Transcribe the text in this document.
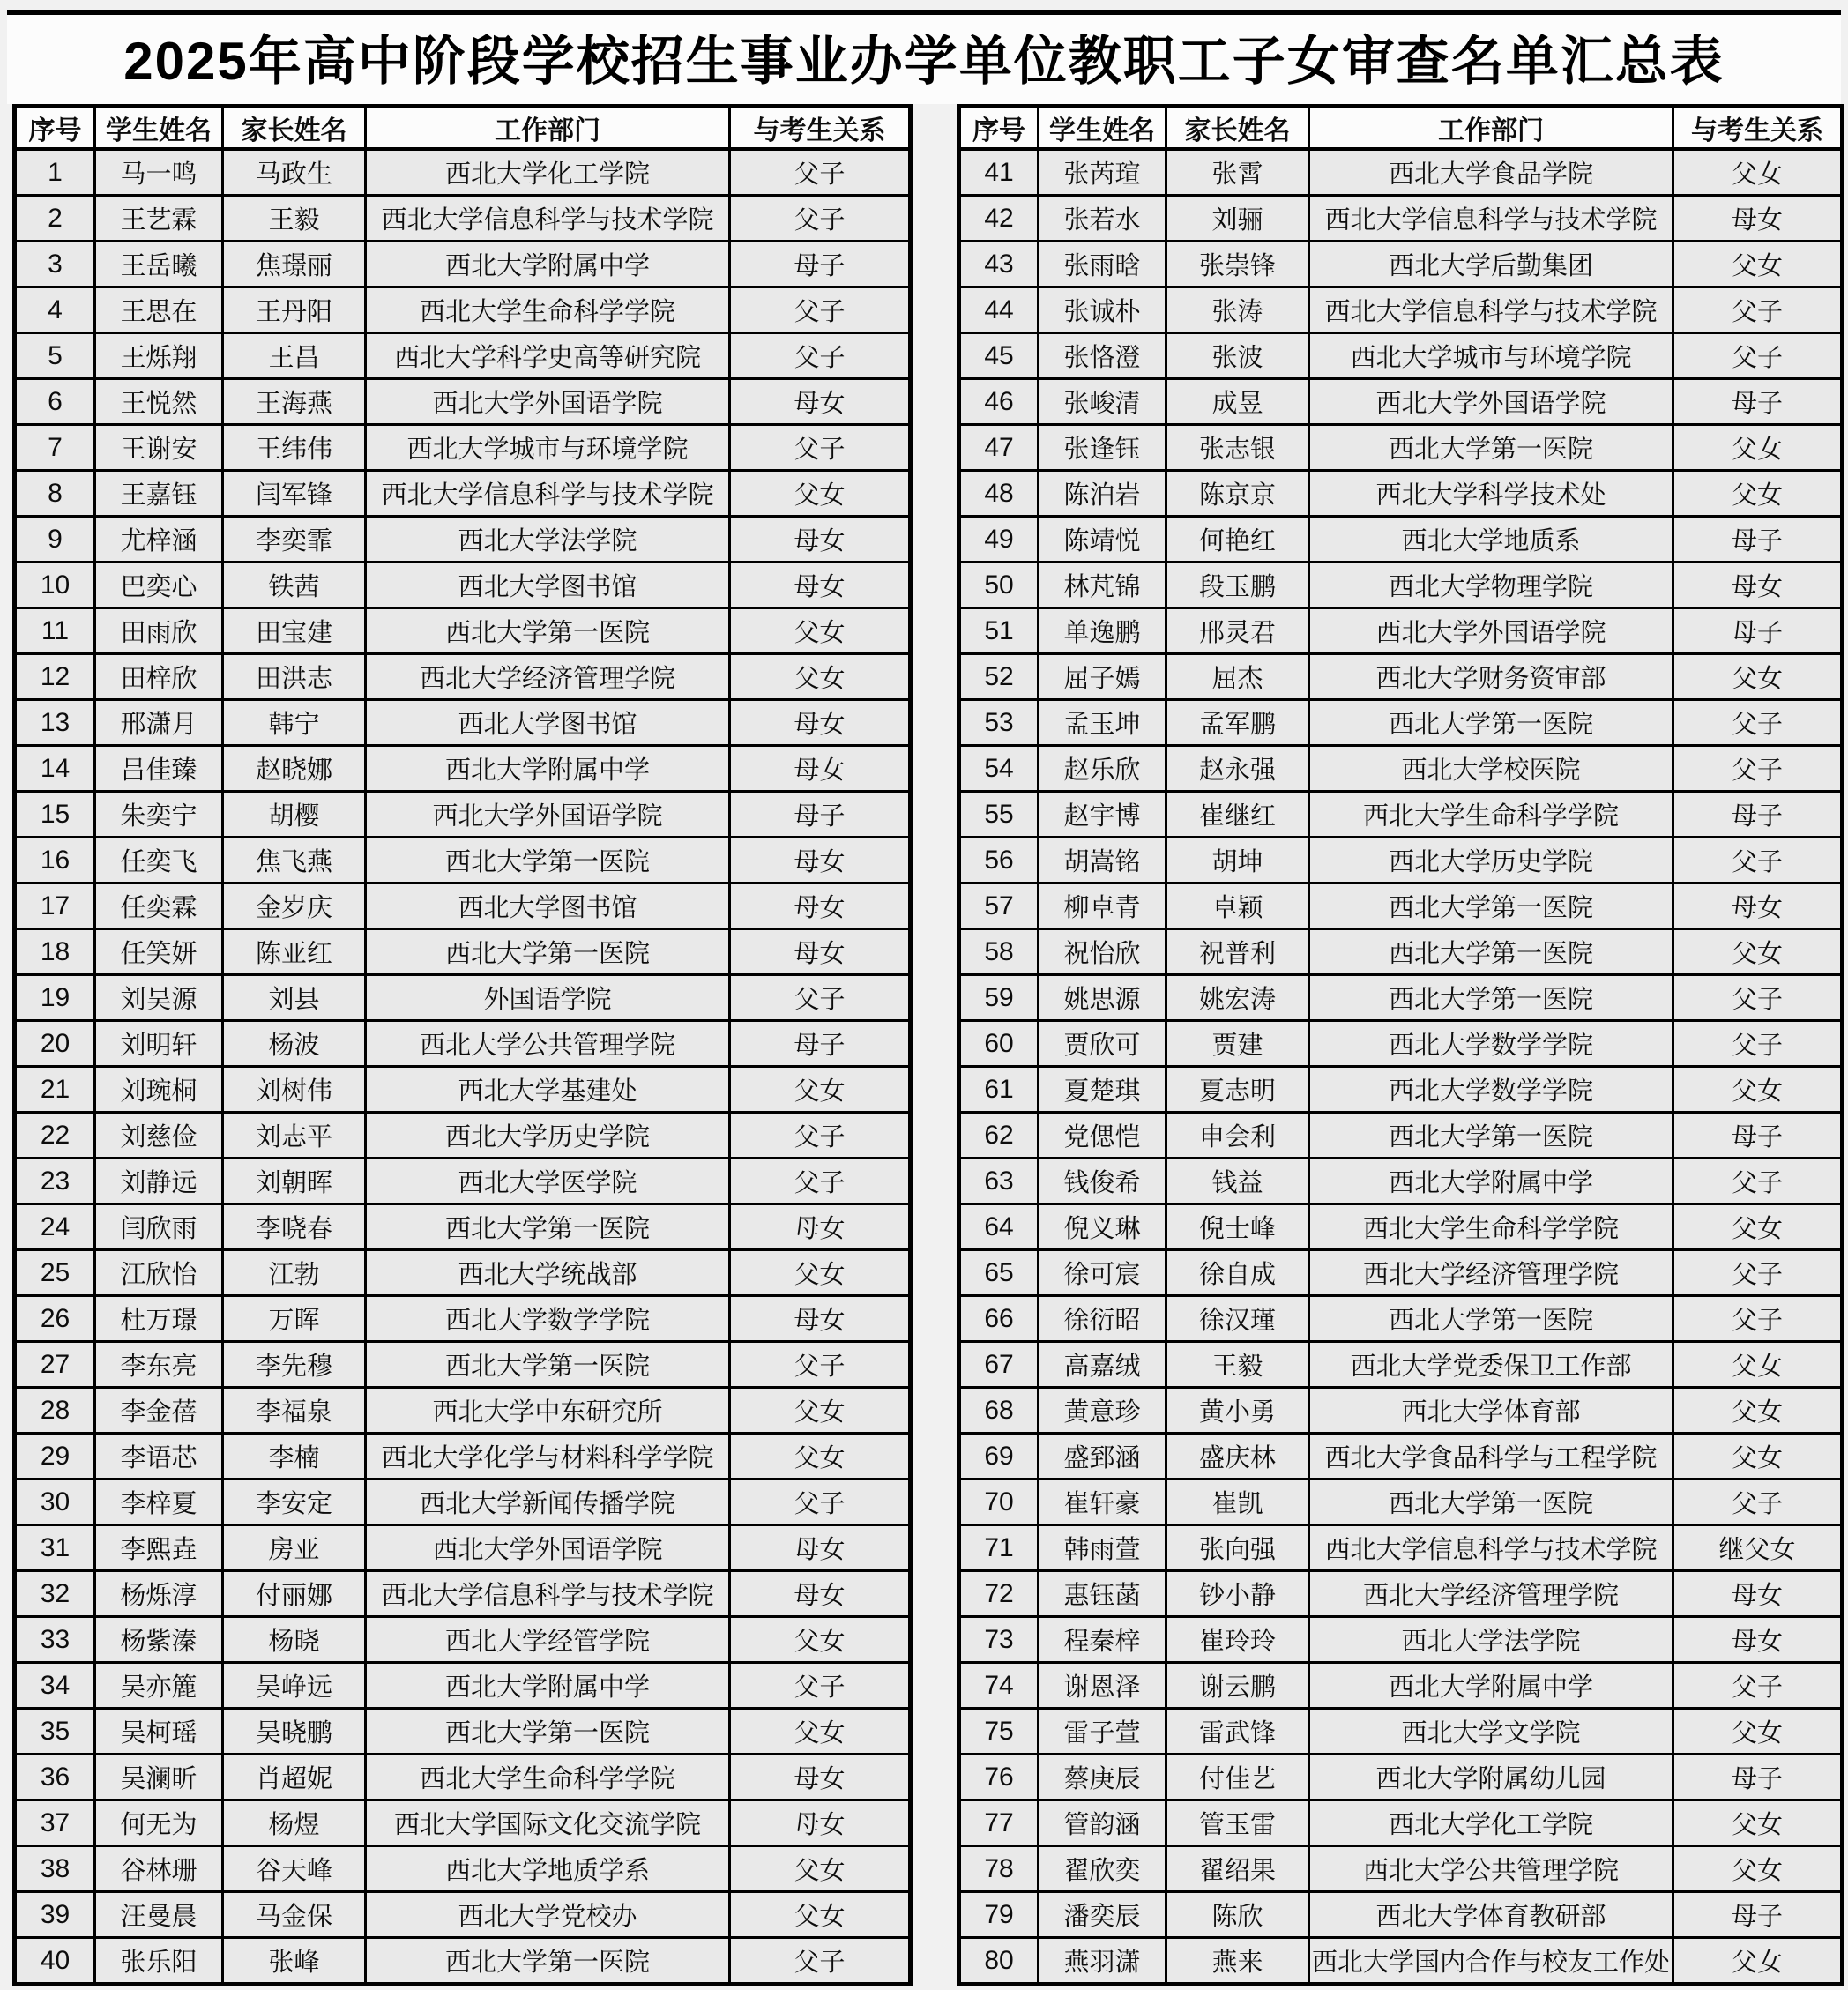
2025年高中阶段学校招生事业办学单位教职工子女审查名单汇总表
序号	学生姓名	家长姓名	工作部门	与考生关系
1	马一鸣	马政生	西北大学化工学院	父子
2	王艺霖	王毅	西北大学信息科学与技术学院	父子
3	王岳曦	焦璟丽	西北大学附属中学	母子
4	王思在	王丹阳	西北大学生命科学学院	父子
5	王烁翔	王昌	西北大学科学史高等研究院	父子
6	王悦然	王海燕	西北大学外国语学院	母女
7	王谢安	王纬伟	西北大学城市与环境学院	父子
8	王嘉钰	闫军锋	西北大学信息科学与技术学院	父女
9	尤梓涵	李奕霏	西北大学法学院	母女
10	巴奕心	铁茜	西北大学图书馆	母女
11	田雨欣	田宝建	西北大学第一医院	父女
12	田梓欣	田洪志	西北大学经济管理学院	父女
13	邢潇月	韩宁	西北大学图书馆	母女
14	吕佳臻	赵晓娜	西北大学附属中学	母女
15	朱奕宁	胡樱	西北大学外国语学院	母子
16	任奕飞	焦飞燕	西北大学第一医院	母女
17	任奕霖	金岁庆	西北大学图书馆	母女
18	任笑妍	陈亚红	西北大学第一医院	母女
19	刘昊源	刘县	外国语学院	父子
20	刘明轩	杨波	西北大学公共管理学院	母子
21	刘琬桐	刘树伟	西北大学基建处	父女
22	刘慈俭	刘志平	西北大学历史学院	父子
23	刘静远	刘朝晖	西北大学医学院	父子
24	闫欣雨	李晓春	西北大学第一医院	母女
25	江欣怡	江勃	西北大学统战部	父女
26	杜万璟	万晖	西北大学数学学院	母女
27	李东亮	李先穆	西北大学第一医院	父子
28	李金蓓	李福泉	西北大学中东研究所	父女
29	李语芯	李楠	西北大学化学与材料科学学院	父女
30	李梓夏	李安定	西北大学新闻传播学院	父子
31	李熙垚	房亚	西北大学外国语学院	母女
32	杨烁淳	付丽娜	西北大学信息科学与技术学院	母女
33	杨紫溱	杨晓	西北大学经管学院	父女
34	吴亦簏	吴峥远	西北大学附属中学	父子
35	吴柯瑶	吴晓鹏	西北大学第一医院	父女
36	吴澜昕	肖超妮	西北大学生命科学学院	母女
37	何无为	杨煜	西北大学国际文化交流学院	母女
38	谷林珊	谷天峰	西北大学地质学系	父女
39	汪曼晨	马金保	西北大学党校办	父女
40	张乐阳	张峰	西北大学第一医院	父子
序号	学生姓名	家长姓名	工作部门	与考生关系
41	张芮瑄	张霄	西北大学食品学院	父女
42	张若水	刘骊	西北大学信息科学与技术学院	母女
43	张雨晗	张崇锋	西北大学后勤集团	父女
44	张诚朴	张涛	西北大学信息科学与技术学院	父子
45	张恪澄	张波	西北大学城市与环境学院	父子
46	张峻清	成昱	西北大学外国语学院	母子
47	张逢钰	张志银	西北大学第一医院	父女
48	陈泊岩	陈京京	西北大学科学技术处	父女
49	陈靖悦	何艳红	西北大学地质系	母子
50	林芃锦	段玉鹏	西北大学物理学院	母女
51	单逸鹏	邢灵君	西北大学外国语学院	母子
52	屈子嫣	屈杰	西北大学财务资审部	父女
53	孟玉坤	孟军鹏	西北大学第一医院	父子
54	赵乐欣	赵永强	西北大学校医院	父子
55	赵宇博	崔继红	西北大学生命科学学院	母子
56	胡嵩铭	胡坤	西北大学历史学院	父子
57	柳卓青	卓颖	西北大学第一医院	母女
58	祝怡欣	祝普利	西北大学第一医院	父女
59	姚思源	姚宏涛	西北大学第一医院	父子
60	贾欣可	贾建	西北大学数学学院	父子
61	夏楚琪	夏志明	西北大学数学学院	父女
62	党偲恺	申会利	西北大学第一医院	母子
63	钱俊希	钱益	西北大学附属中学	父子
64	倪义琳	倪士峰	西北大学生命科学学院	父女
65	徐可宸	徐自成	西北大学经济管理学院	父子
66	徐衍昭	徐汉瑾	西北大学第一医院	父子
67	高嘉绒	王毅	西北大学党委保卫工作部	父女
68	黄意珍	黄小勇	西北大学体育部	父女
69	盛郅涵	盛庆林	西北大学食品科学与工程学院	父女
70	崔轩豪	崔凯	西北大学第一医院	父子
71	韩雨萱	张向强	西北大学信息科学与技术学院	继父女
72	惠钰菡	钞小静	西北大学经济管理学院	母女
73	程秦梓	崔玲玲	西北大学法学院	母女
74	谢恩泽	谢云鹏	西北大学附属中学	父子
75	雷子萱	雷武锋	西北大学文学院	父女
76	蔡庚辰	付佳艺	西北大学附属幼儿园	母子
77	管韵涵	管玉雷	西北大学化工学院	父女
78	翟欣奕	翟绍果	西北大学公共管理学院	父女
79	潘奕辰	陈欣	西北大学体育教研部	母子
80	燕羽潇	燕来	西北大学国内合作与校友工作处	父女
